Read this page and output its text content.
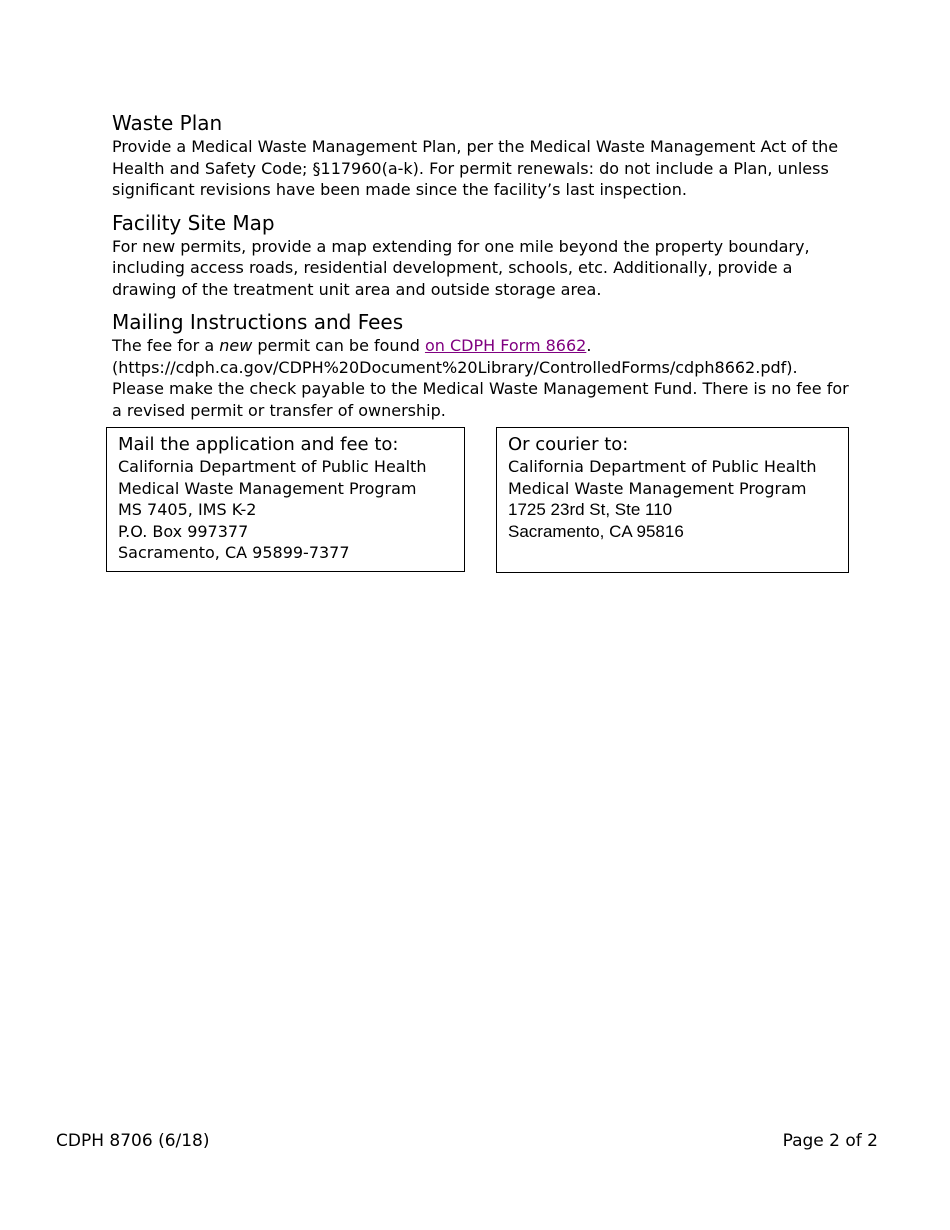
Waste Plan

Provide a Medical Waste Management Plan, per the Medical Waste Management Act of the Health and Safety Code; §117960(a-k). For permit renewals: do not include a Plan, unless significant revisions have been made since the facility’s last inspection.

Facility Site Map

For new permits, provide a map extending for one mile beyond the property boundary, including access roads, residential development, schools, etc. Additionally, provide a drawing of the treatment unit area and outside storage area.

Mailing Instructions and Fees

The fee for a new permit can be found on CDPH Form 8662.

(https://cdph.ca.gov/CDPH%20Document%20Library/ControlledForms/cdph8662.pdf).

Please make the check payable to the Medical Waste Management Fund. There is no fee for a revised permit or transfer of ownership.

Mail the application and fee to:

California Department of Public Health

Medical Waste Management Program

MS 7405, IMS K-2

P.O. Box 997377

Sacramento, CA 95899-7377

Or courier to:

California Department of Public Health

Medical Waste Management Program

1725 23rd St, Ste 110

Sacramento, CA 95816

CDPH 8706 (6/18)	Page 2 of 2
